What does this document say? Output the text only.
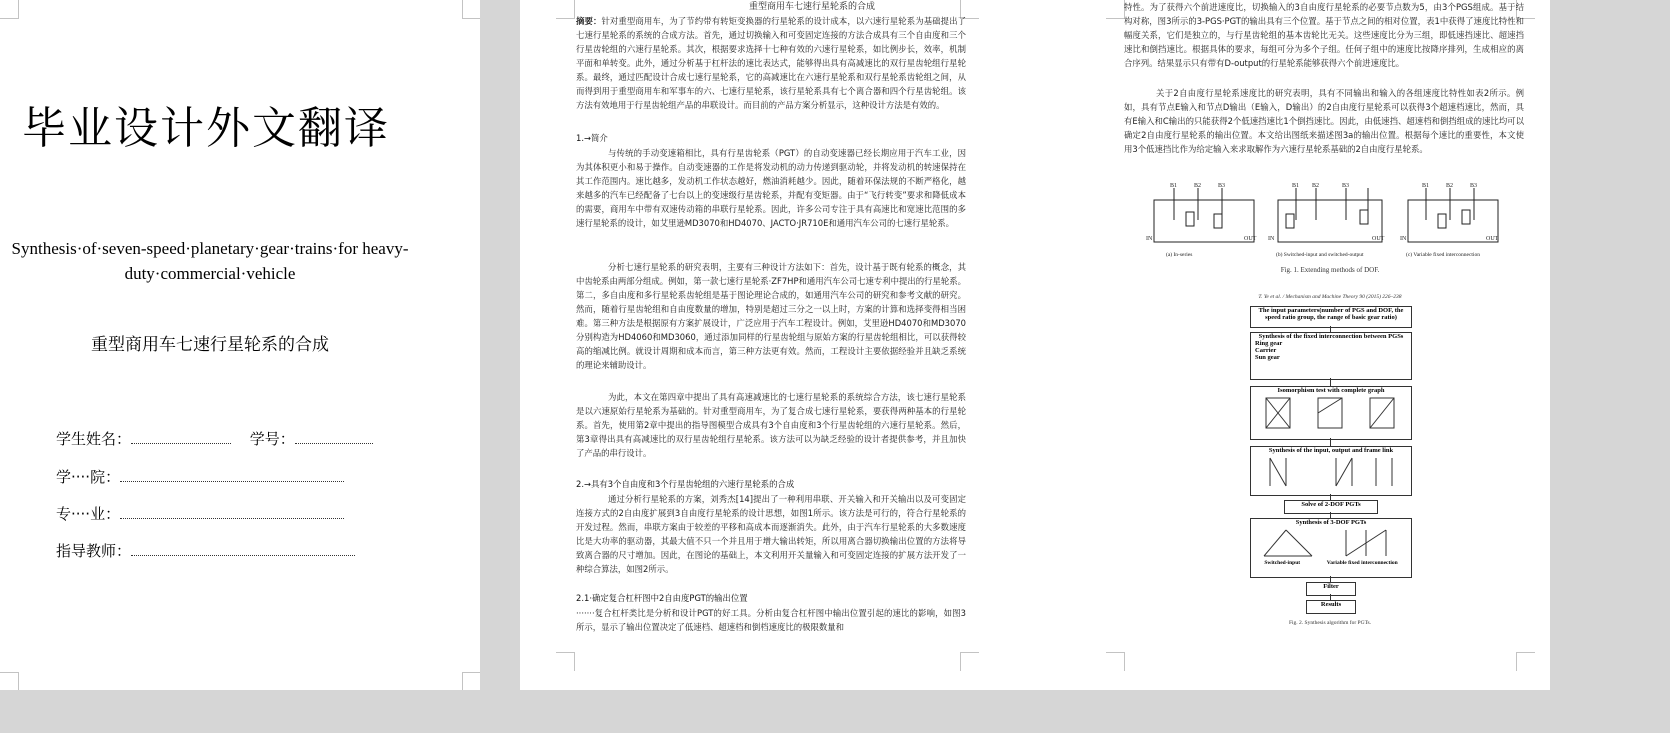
毕业设计外文翻译
Synthesis·of·seven-speed·planetary·gear·trains·for heavy-duty·commercial·vehicle
重型商用车七速行星轮系的合成
学生姓名：	学号：
学····院：
专····业：
指导教师：
重型商用车七速行星轮系的合成
摘要：针对重型商用车，为了节约带有转矩变换器的行星轮系的设计成本，以六速行星轮系为基础提出了七速行星轮系的系统的合成方法。首先，通过切换输入和可变固定连接的方法合成具有三个自由度和三个行星齿轮组的六速行星轮系。其次，根据要求选择十七种有效的六速行星轮系，如比例步长，效率，机制平面和单转变。此外，通过分析基于杠杆法的速比表达式，能够得出具有高减速比的双行星齿轮组行星轮系。最终，通过匹配设计合成七速行星轮系，它的高减速比在六速行星轮系和双行星轮系齿轮组之间，从而得到用于重型商用车和军事车的六、七速行星轮系，该行星轮系具有七个离合器和四个行星齿轮组。该方法有效地用于行星齿轮组产品的串联设计。而目前的产品方案分析显示，这种设计方法是有效的。
1.→简介
与传统的手动变速箱相比，具有行星齿轮系（PGT）的自动变速器已经长期应用于汽车工业，因为其体积更小和易于操作。自动变速器的工作是将发动机的动力传递到驱动轮，并将发动机的转速保持在其工作范围内。速比越多，发动机工作状态越好，燃油消耗越少。因此，随着环保法规的不断严格化，越来越多的汽车已经配备了七台以上的变速级行星齿轮系，并配有变矩器。由于“飞行转变”要求和降低成本的需要，商用车中带有双速传动箱的串联行星轮系。因此，许多公司专注于具有高速比和宽速比范围的多速行星轮系的设计，如艾里逊MD3070和HD4070、JACTO·JR710E和通用汽车公司的七速行星轮系。
分析七速行星轮系的研究表明，主要有三种设计方法如下：首先，设计基于既有轮系的概念，其中齿轮系由两部分组成。例如，第一款七速行星轮系·ZF7HP和通用汽车公司七速专利中提出的行星轮系。第二，多自由度和多行星轮系齿轮组是基于图论理论合成的，如通用汽车公司的研究和参考文献的研究。然而，随着行星齿轮组和自由度数量的增加，特别是超过三分之一以上时，方案的计算和选择变得相当困难。第三种方法是根据原有方案扩展设计，广泛应用于汽车工程设计。例如，艾里逊HD4070和MD3070分别构造为HD4060和MD3060，通过添加同样的行星齿轮组与原始方案的行星齿轮组相比，可以获得较高的缩减比例。就设计周期和成本而言，第三种方法更有效。然而，工程设计主要依据经验并且缺乏系统的理论来辅助设计。
为此，本文在第四章中提出了具有高速减速比的七速行星轮系的系统综合方法，该七速行星轮系是以六速原始行星轮系为基础的。针对重型商用车，为了复合成七速行星轮系，要获得两种基本的行星轮系。首先，使用第2章中提出的指导图模型合成具有3个自由度和3个行星齿轮组的六速行星轮系。然后，第3章得出具有高减速比的双行星齿轮组行星轮系。该方法可以为缺乏经验的设计者提供参考，并且加快了产品的串行设计。
2.→具有3个自由度和3个行星齿轮组的六速行星轮系的合成
通过分析行星轮系的方案，刘秀杰[14]提出了一种利用串联、开关输入和开关输出以及可变固定连接方式的2自由度扩展到3自由度行星轮系的设计思想，如图1所示。该方法是可行的，符合行星轮系的开发过程。然而，串联方案由于较差的平移和高成本而逐渐消失。此外，由于汽车行星轮系的大多数速度比是大功率的驱动器，其最大值不只一个并且用于增大输出转矩，所以用离合器切换输出位置的方法将导致离合器的尺寸增加。因此，在图论的基础上，本文利用开关量输入和可变固定连接的扩展方法开发了一种综合算法，如图2所示。
2.1·确定复合杠杆图中2自由度PGT的输出位置
·······复合杠杆类比是分析和设计PGT的好工具。分析由复合杠杆图中输出位置引起的速比的影响，如图3所示，显示了输出位置决定了低速档、超速档和倒档速度比的极限数量和
特性。为了获得六个前进速度比，切换输入的3自由度行星轮系的必要节点数为5，由3个PGS组成。基于结构对称，图3所示的3-PGS·PGT的输出具有三个位置。基于节点之间的相对位置，表1中获得了速度比特性和幅度关系，它们是独立的，与行星齿轮组的基本齿轮比无关。这些速度比分为三组，即低速挡速比、超速挡速比和倒挡速比。根据具体的要求，每组可分为多个子组。任何子组中的速度比按降序排列，生成相应的离合序列。结果显示只有带有D-output的行星轮系能够获得六个前进速度比。
关于2自由度行星轮系速度比的研究表明，具有不同输出和输入的各组速度比特性如表2所示。例如，具有节点E输入和节点D输出（E输入，D输出）的2自由度行星轮系可以获得3个超速档速比，然而，具有E输入和C输出的只能获得2个低速挡速比1个倒挡速比。因此，由低速挡、超速档和倒挡组成的速比均可以确定2自由度行星轮系的输出位置。本文给出图纸来描述图3a的输出位置。根据每个速比的重要性，本文使用3个低速挡比作为给定输入来求取解作为六速行星轮系基础的2自由度行星轮系。
B1	B2	B3	B1 B2	B3	B1	B2	B3
IN	OUT IN	OUT	IN	OUT
(a) In-series	(b) Switched-input and switched-output	(c) Variable fixed interconnection
Fig. 1. Extending methods of DOF.
T. Ye et al. / Mechanism and Machine Theory 90 (2015) 226–238
The input parameters(number of PGS and DOF, the speed ratio group, the range of basic gear ratio)
Synthesis of the fixed interconnection between PGSs
Ring gear
Carrier
Sun gear
Isomorphism test with complete graph
Synthesis of the input, output and frame link
Solve of 2-DOF PGTs
Synthesis of 3-DOF PGTs
Switched-input	Variable fixed interconnection
Filter
Results
Fig. 2. Synthesis algorithm for PGTs.
